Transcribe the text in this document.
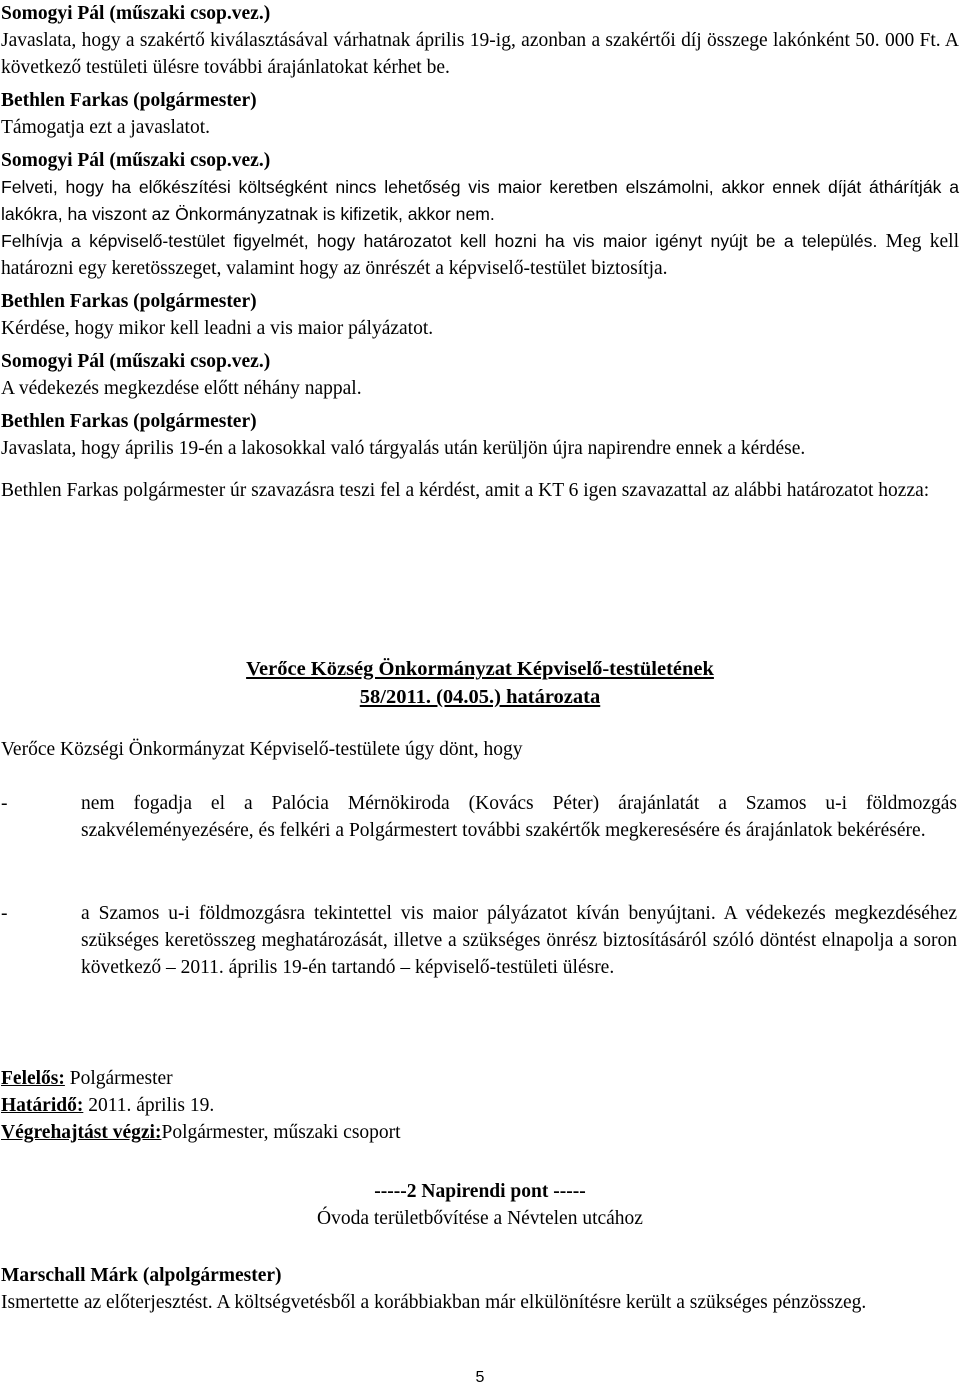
Somogyi Pál (műszaki csop.vez.)

Javaslata, hogy a szakértő kiválasztásával várhatnak április 19-ig, azonban a szakértői díj összege lakónként 50. 000 Ft. A következő testületi ülésre további árajánlatokat kérhet be.

Bethlen Farkas (polgármester)

Támogatja ezt a javaslatot.

Somogyi Pál (műszaki csop.vez.)

Felveti, hogy ha előkészítési költségként nincs lehetőség vis maior keretben elszámolni, akkor ennek díját áthárítják a lakókra, ha viszont az Önkormányzatnak is kifizetik, akkor nem.

Felhívja a képviselő-testület figyelmét, hogy határozatot kell hozni ha vis maior igényt nyújt be a település. Meg kell határozni egy keretösszeget, valamint hogy az önrészét a képviselő-testület biztosítja.

Bethlen Farkas (polgármester)

Kérdése, hogy mikor kell leadni a vis maior pályázatot.

Somogyi Pál (műszaki csop.vez.)

A védekezés megkezdése előtt néhány nappal.

Bethlen Farkas (polgármester)

Javaslata, hogy április 19-én a lakosokkal való tárgyalás után kerüljön újra napirendre ennek a kérdése.

Bethlen Farkas polgármester úr szavazásra teszi fel a kérdést, amit a KT 6 igen szavazattal az alábbi határozatot hozza:

Verőce Község Önkormányzat Képviselő-testületének
58/2011. (04.05.) határozata

Verőce Községi Önkormányzat Képviselő-testülete úgy dönt, hogy

-	nem fogadja el a Palócia Mérnökiroda (Kovács Péter) árajánlatát a Szamos u-i földmozgás szakvéleményezésére, és felkéri a Polgármestert további szakértők megkeresésére és árajánlatok bekérésére.
-	a Szamos u-i földmozgásra tekintettel vis maior pályázatot kíván benyújtani. A védekezés megkezdéséhez szükséges keretösszeg meghatározását, illetve a szükséges önrész biztosításáról szóló döntést elnapolja a soron következő – 2011. április 19-én tartandó – képviselő-testületi ülésre.

Felelős: Polgármester

Határidő: 2011. április 19.

Végrehajtást végzi:Polgármester, műszaki csoport

-----2 Napirendi pont -----
Óvoda területbővítése a Névtelen utcához

Marschall Márk (alpolgármester)

Ismertette az előterjesztést. A költségvetésből a korábbiakban már elkülönítésre került a szükséges pénzösszeg.

5
